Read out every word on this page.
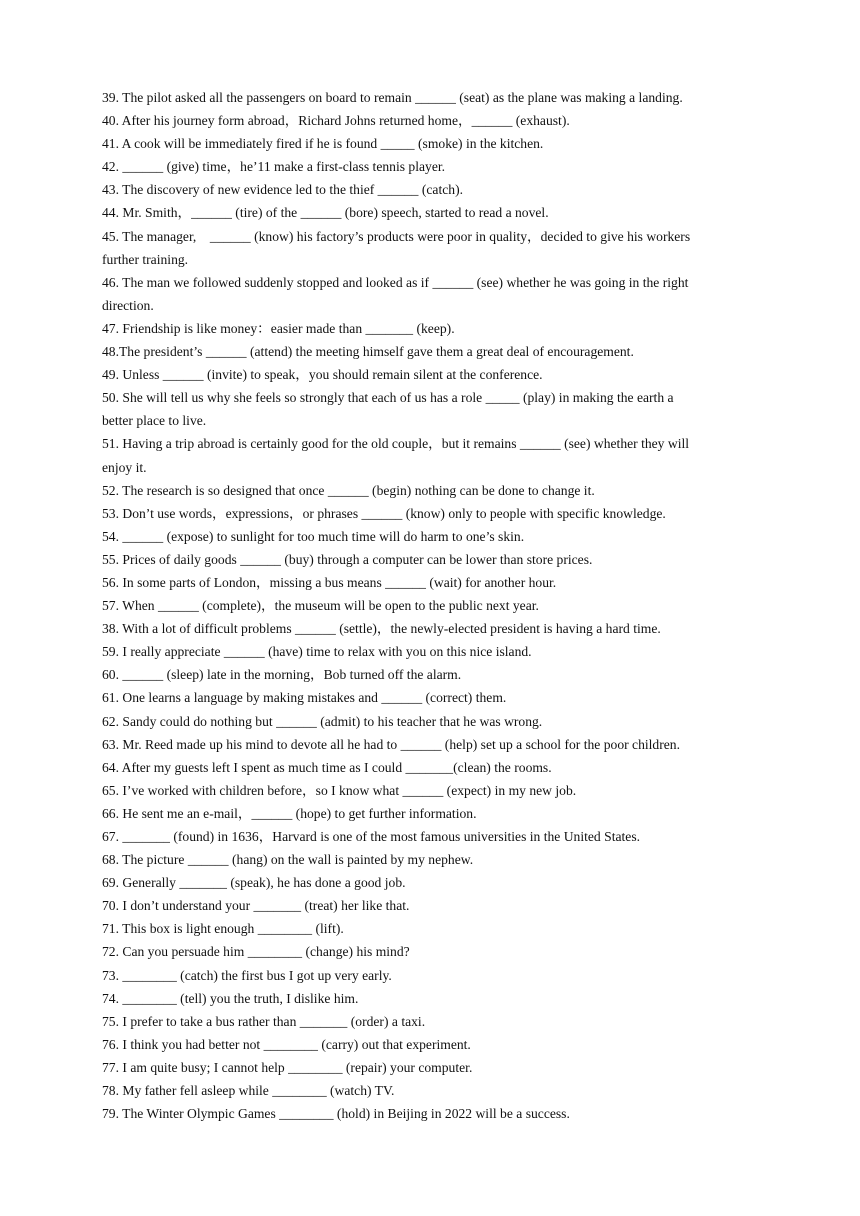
39. The pilot asked all the passengers on board to remain ______ (seat) as the plane was making a landing.
40. After his journey form abroad，Richard Johns returned home，______ (exhaust).
41. A cook will be immediately fired if he is found _____ (smoke) in the kitchen.
42. ______ (give) time，he’11 make a first-class tennis player.
43. The discovery of new evidence led to the thief ______ (catch).
44. Mr. Smith，______ (tire) of the ______ (bore) speech, started to read a novel.
45. The manager,    ______ (know) his factory’s products were poor in quality，decided to give his workers
further training.
46. The man we followed suddenly stopped and looked as if ______ (see) whether he was going in the right
direction.
47. Friendship is like money：easier made than _______ (keep).
48.The president’s ______ (attend) the meeting himself gave them a great deal of encouragement.
49. Unless ______ (invite) to speak，you should remain silent at the conference.
50. She will tell us why she feels so strongly that each of us has a role _____ (play) in making the earth a
better place to live.
51. Having a trip abroad is certainly good for the old couple，but it remains ______ (see) whether they will
enjoy it.
52. The research is so designed that once ______ (begin) nothing can be done to change it.
53. Don’t use words，expressions，or phrases ______ (know) only to people with specific knowledge.
54. ______ (expose) to sunlight for too much time will do harm to one’s skin.
55. Prices of daily goods ______ (buy) through a computer can be lower than store prices.
56. In some parts of London，missing a bus means ______ (wait) for another hour.
57. When ______ (complete)，the museum will be open to the public next year.
38. With a lot of difficult problems ______ (settle)，the newly-elected president is having a hard time.
59. I really appreciate ______ (have) time to relax with you on this nice island.
60. ______ (sleep) late in the morning，Bob turned off the alarm.
61. One learns a language by making mistakes and ______ (correct) them.
62. Sandy could do nothing but ______ (admit) to his teacher that he was wrong.
63. Mr. Reed made up his mind to devote all he had to ______ (help) set up a school for the poor children.
64. After my guests left I spent as much time as I could _______(clean) the rooms.
65. I’ve worked with children before，so I know what ______ (expect) in my new job.
66. He sent me an e-mail，______ (hope) to get further information.
67. _______ (found) in 1636，Harvard is one of the most famous universities in the United States.
68. The picture ______ (hang) on the wall is painted by my nephew.
69. Generally _______ (speak), he has done a good job.
70. I don’t understand your _______ (treat) her like that.
71. This box is light enough ________ (lift).
72. Can you persuade him ________ (change) his mind?
73. ________ (catch) the first bus I got up very early.
74. ________ (tell) you the truth, I dislike him.
75. I prefer to take a bus rather than _______ (order) a taxi.
76. I think you had better not ________ (carry) out that experiment.
77. I am quite busy; I cannot help ________ (repair) your computer.
78. My father fell asleep while ________ (watch) TV.
79. The Winter Olympic Games ________ (hold) in Beijing in 2022 will be a success.
